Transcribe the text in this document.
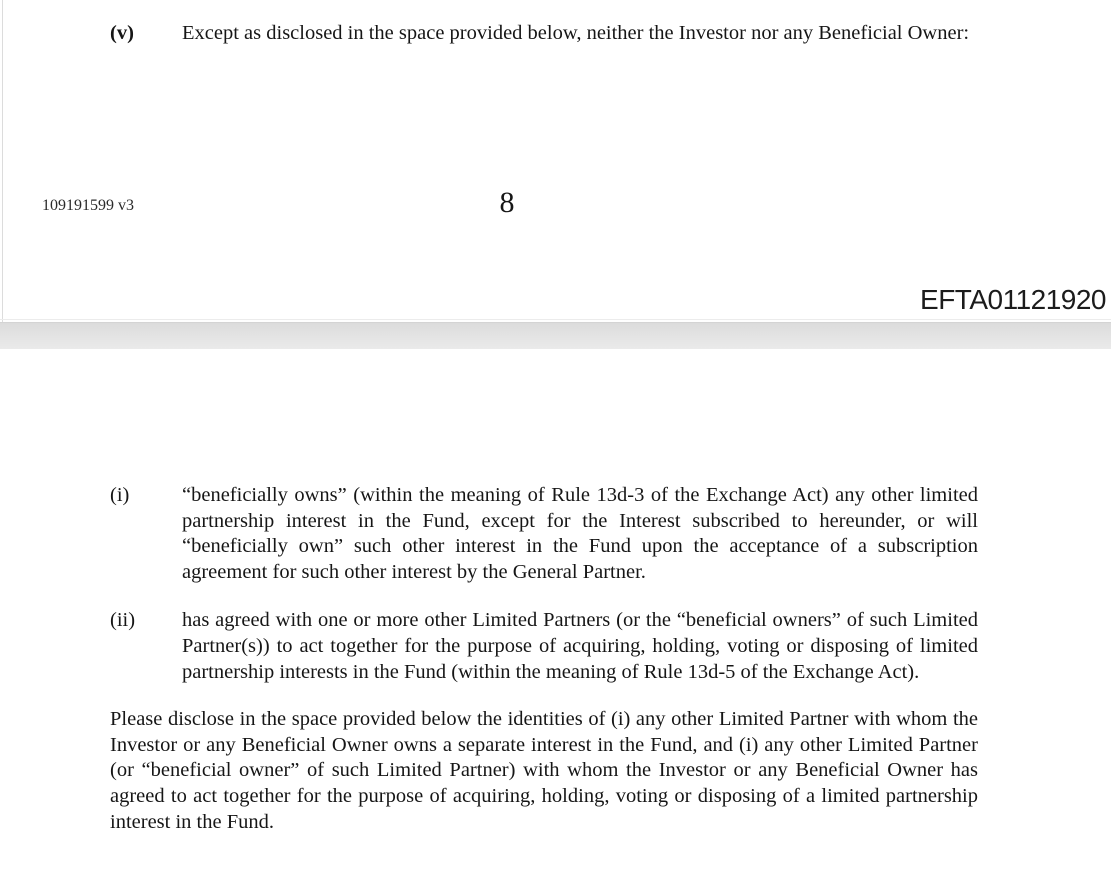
(v)	Except as disclosed in the space provided below, neither the Investor nor any Beneficial Owner:
109191599 v3	8
EFTA01121920
(i)	“beneficially owns” (within the meaning of Rule 13d-3 of the Exchange Act) any other limited partnership interest in the Fund, except for the Interest subscribed to hereunder, or will “beneficially own” such other interest in the Fund upon the acceptance of a subscription agreement for such other interest by the General Partner.
(ii)	has agreed with one or more other Limited Partners (or the “beneficial owners” of such Limited Partner(s)) to act together for the purpose of acquiring, holding, voting or disposing of limited partnership interests in the Fund (within the meaning of Rule 13d-5 of the Exchange Act).
Please disclose in the space provided below the identities of (i) any other Limited Partner with whom the Investor or any Beneficial Owner owns a separate interest in the Fund, and (i) any other Limited Partner (or “beneficial owner” of such Limited Partner) with whom the Investor or any Beneficial Owner has agreed to act together for the purpose of acquiring, holding, voting or disposing of a limited partnership interest in the Fund.
